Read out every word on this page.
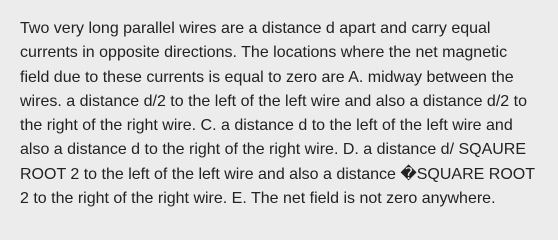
Two very long parallel wires are a distance d apart and carry equal currents in opposite directions. The locations where the net magnetic field due to these currents is equal to zero are A. midway between the wires. a distance d/2 to the left of the left wire and also a distance d/2 to the right of the right wire. C. a distance d to the left of the left wire and also a distance d to the right of the right wire. D. a distance d/ SQAURE ROOT 2 to the left of the left wire and also a distance �SQUARE ROOT 2 to the right of the right wire. E. The net field is not zero anywhere.
